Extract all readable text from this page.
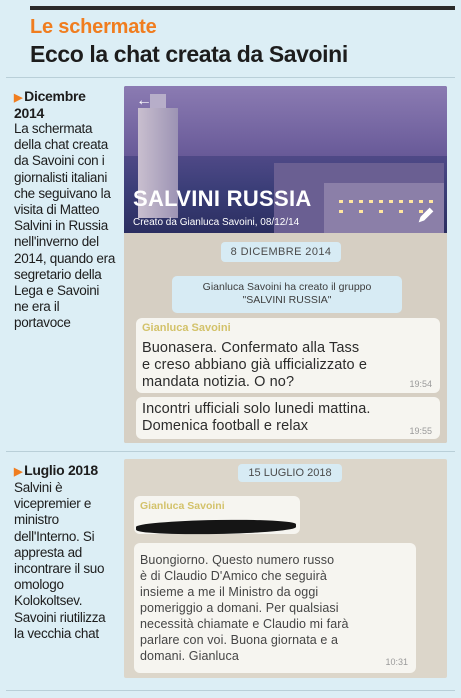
Le schermate
Ecco la chat creata da Savoini
▶ Dicembre 2014
La schermata della chat creata da Savoini con i giornalisti italiani che seguivano la visita di Matteo Salvini in Russia nell'inverno del 2014, quando era segretario della Lega e Savoini ne era il portavoce
←
SALVINI RUSSIA
Creato da Gianluca Savoini, 08/12/14
8 DICEMBRE 2014
Gianluca Savoini ha creato il gruppo
"SALVINI RUSSIA"
Gianluca Savoini
Buonasera. Confermato alla Tass
e creso abbiano già ufficializzato e
mandata notizia. O no?	19:54
Incontri ufficiali solo lunedi mattina.
Domenica football e relax	19:55
▶ Luglio 2018
Salvini è vicepremier e ministro dell'Interno. Si appresta ad incontrare il suo omologo Kolokoltsev. Savoini riutilizza la vecchia chat
15 LUGLIO 2018
Gianluca Savoini
Buongiorno. Questo numero russo
è di Claudio D'Amico che seguirà
insieme a me il Ministro da oggi
pomeriggio a domani. Per qualsiasi
necessità chiamate e Claudio mi farà
parlare con voi. Buona giornata e a
domani. Gianluca	10:31
